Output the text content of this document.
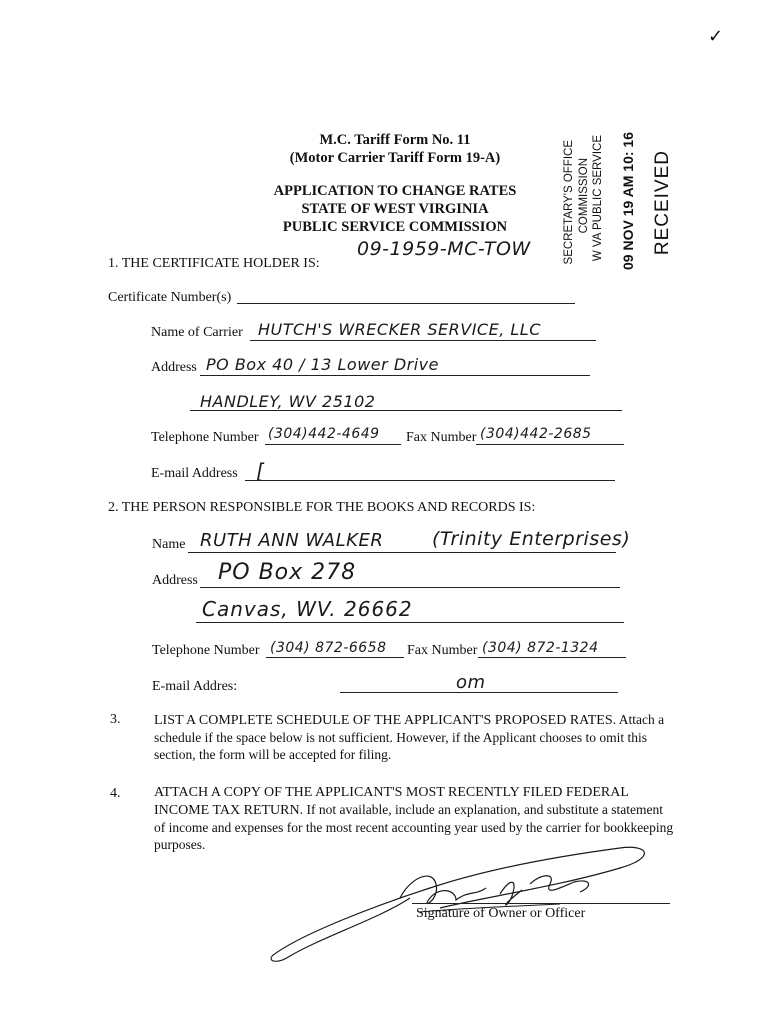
✓
M.C. Tariff Form No. 11
(Motor Carrier Tariff Form 19-A)
APPLICATION TO CHANGE RATES
STATE OF WEST VIRGINIA
PUBLIC SERVICE COMMISSION
09-1959-MC-TOW	RECEIVED
09 NOV 19 AM 10: 16
W VA PUBLIC SERVICE
COMMISSION
SECRETARY'S OFFICE
1. THE CERTIFICATE HOLDER IS:
Certificate Number(s)
Name of Carrier HUTCH'S WRECKER SERVICE, LLC
Address PO Box 40 / 13 Lower Drive
HANDLEY, WV 25102
Telephone Number (304)442-4649 Fax Number (304)442-2685
E-mail Address [
2. THE PERSON RESPONSIBLE FOR THE BOOKS AND RECORDS IS:
Name RUTH ANN WALKER	(Trinity Enterprises)
Address PO Box 278
Canvas, WV. 26662
Telephone Number (304) 872-6658 Fax Number (304) 872-1324
E-mail Addres:	om
3. LIST A COMPLETE SCHEDULE OF THE APPLICANT'S PROPOSED RATES. Attach a schedule if the space below is not sufficient. However, if the Applicant chooses to omit this section, the form will be accepted for filing.
4. ATTACH A COPY OF THE APPLICANT'S MOST RECENTLY FILED FEDERAL INCOME TAX RETURN. If not available, include an explanation, and substitute a statement of income and expenses for the most recent accounting year used by the carrier for bookkeeping purposes.
Signature of Owner or Officer
